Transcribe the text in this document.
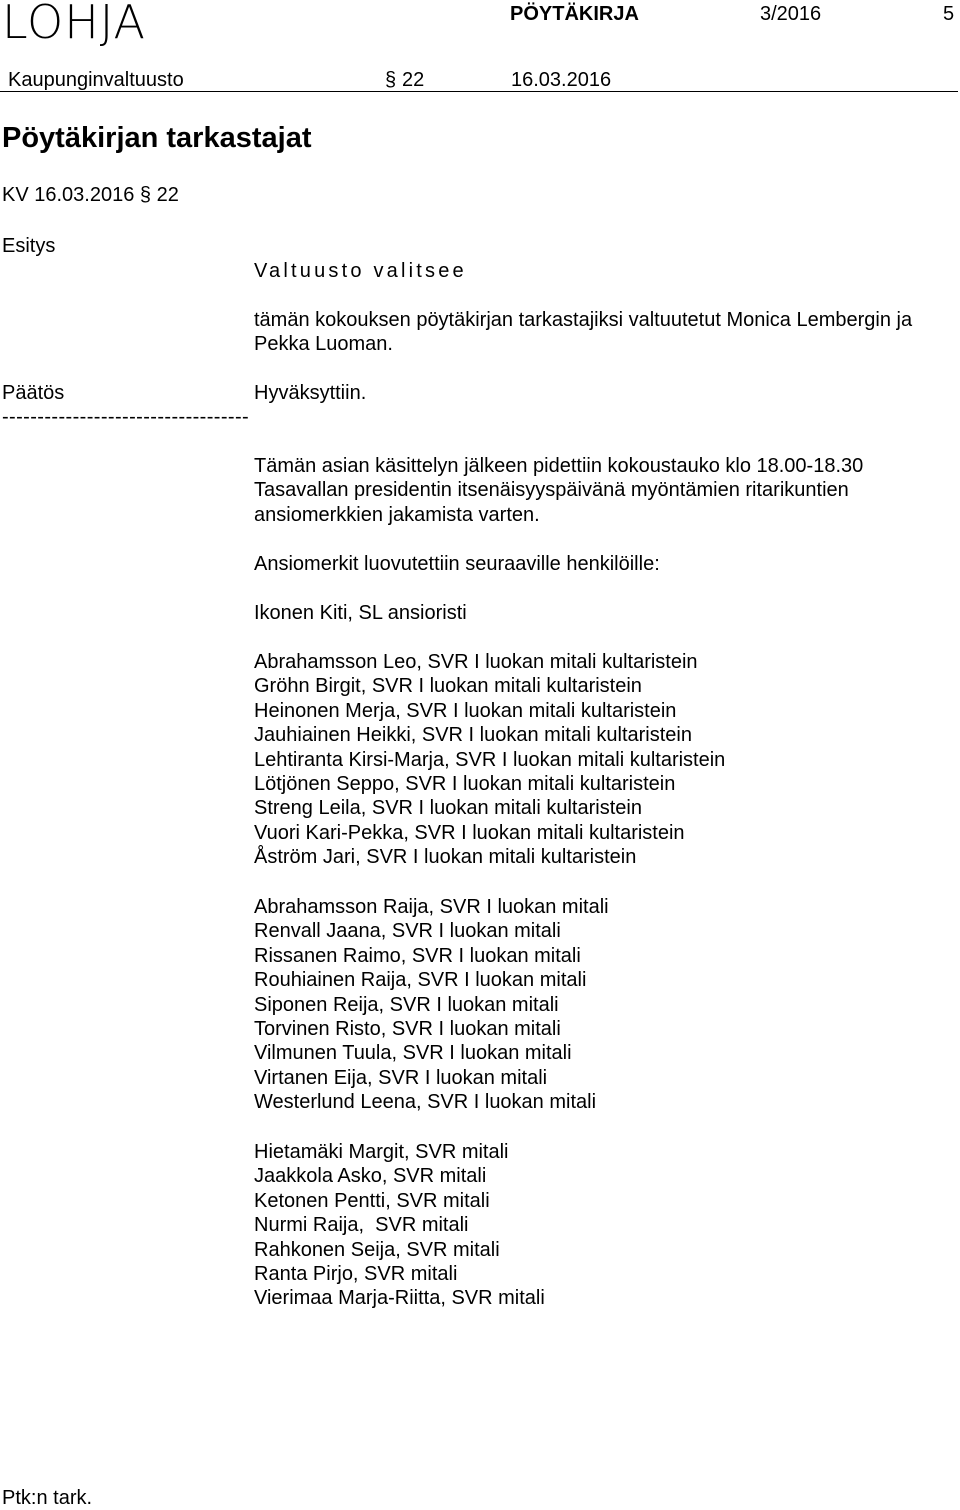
LOHJA	PÖYTÄKIRJA	3/2016	5
Kaupunginvaltuusto	§ 22	16.03.2016
Pöytäkirjan tarkastajat
KV 16.03.2016 § 22
Esitys
Valtuusto valitsee
tämän kokouksen pöytäkirjan tarkastajiksi valtuutetut Monica Lembergin ja
Pekka Luoman.
Päätös	Hyväksyttiin.
-----------------------------------
Tämän asian käsittelyn jälkeen pidettiin kokoustauko klo 18.00-18.30
Tasavallan presidentin itsenäisyyspäivänä myöntämien ritarikuntien
ansiomerkkien jakamista varten.
Ansiomerkit luovutettiin seuraaville henkilöille:
Ikonen Kiti, SL ansioristi
Abrahamsson Leo, SVR I luokan mitali kultaristein
Gröhn Birgit, SVR I luokan mitali kultaristein
Heinonen Merja, SVR I luokan mitali kultaristein
Jauhiainen Heikki, SVR I luokan mitali kultaristein
Lehtiranta Kirsi-Marja, SVR I luokan mitali kultaristein
Lötjönen Seppo, SVR I luokan mitali kultaristein
Streng Leila, SVR I luokan mitali kultaristein
Vuori Kari-Pekka, SVR I luokan mitali kultaristein
Åström Jari, SVR I luokan mitali kultaristein
Abrahamsson Raija, SVR I luokan mitali
Renvall Jaana, SVR I luokan mitali
Rissanen Raimo, SVR I luokan mitali
Rouhiainen Raija, SVR I luokan mitali
Siponen Reija, SVR I luokan mitali
Torvinen Risto, SVR I luokan mitali
Vilmunen Tuula, SVR I luokan mitali
Virtanen Eija, SVR I luokan mitali
Westerlund Leena, SVR I luokan mitali
Hietamäki Margit, SVR mitali
Jaakkola Asko, SVR mitali
Ketonen Pentti, SVR mitali
Nurmi Raija,  SVR mitali
Rahkonen Seija, SVR mitali
Ranta Pirjo, SVR mitali
Vierimaa Marja-Riitta, SVR mitali
Ptk:n tark.
